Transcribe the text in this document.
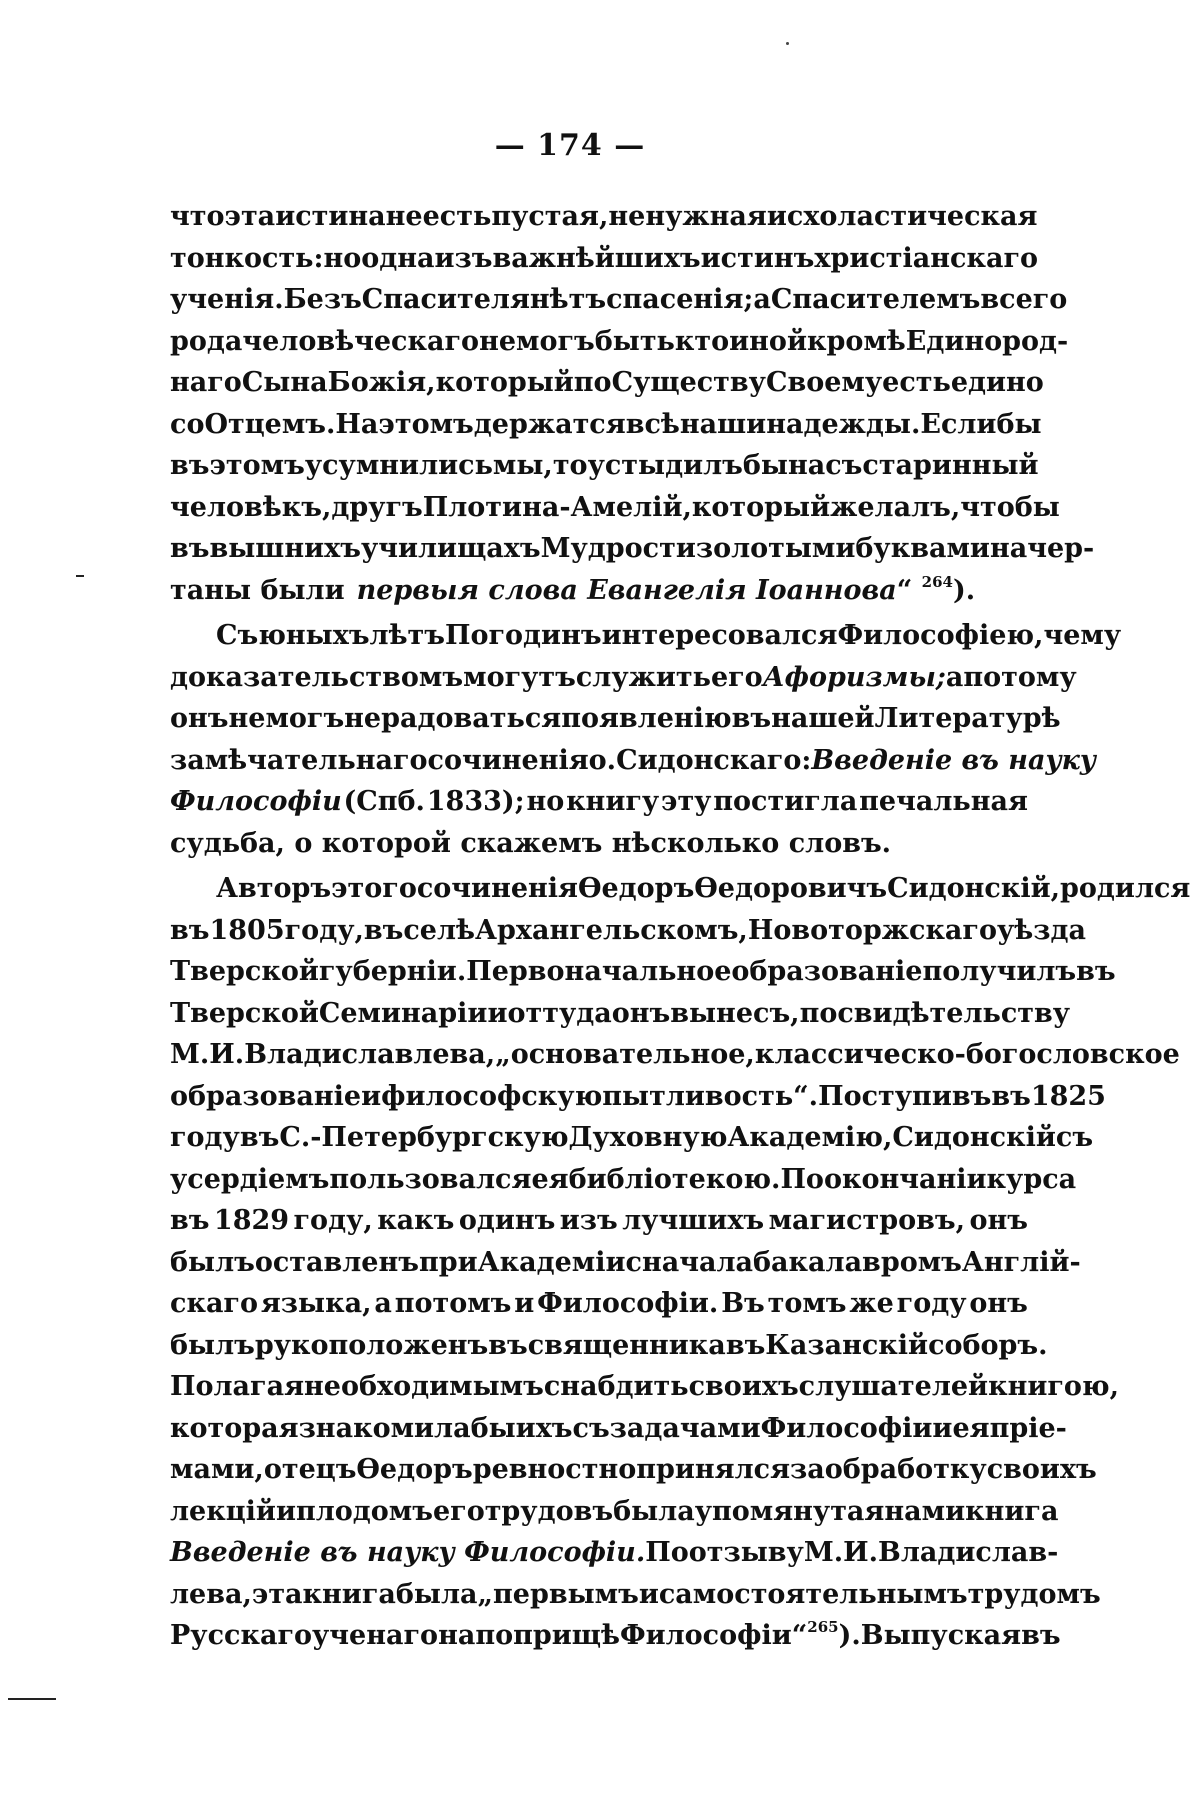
— 174 —
что эта истина не есть пустая, ненужная и схоластическая
тонкость: но одна изъ важнѣйшихъ истинъ христіанскаго
ученія. Безъ Спасителя нѣтъ спасенія; а Спасителемъ всего
рода человѣческаго не могъ быть кто иной кромѣ Единород-
наго Сына Божія, который по Существу Своему есть едино
со Отцемъ. На этомъ держатся всѣ наши надежды. Если бы
въ этомъ усумнились мы, то устыдилъ бы насъ старинный
человѣкъ, другъ Плотина - Амелій, который желалъ, чтобы
въ вышнихъ училищахъ Мудрости золотыми буквами начер-
таны были первыя слова Евангелія Іоаннова“ $^{264}$).
Съ юныхъ лѣтъ Погодинъ интересовался Философіею, чему
доказательствомъ могутъ служить его Афоризмы; а потому
онъ не могъ не радоваться появленію въ нашей Литературѣ
замѣчательнаго сочиненія о. Сидонскаго: Введеніе въ науку
Философіи (Спб. 1833); но книгу эту постигла печальная
судьба, о которой скажемъ нѣсколько словъ.
Авторъ этого сочиненія Ѳедоръ Ѳедоровичъ Сидонскій, родился
въ 1805 году, въ селѣ Архангельскомъ, Новоторжскаго уѣзда
Тверской губерніи. Первоначальное образованіе получилъ въ
Тверской Семинаріи и оттуда онъ вынесъ, по свидѣтельству
М. И. Владиславлева, „основательное, классическо-богословское
образованіе и философскую пытливость“. Поступивъ въ 1825
году въ С.-Петербургскую Духовную Академію, Сидонскій съ
усердіемъ пользовался ея библіотекою. По окончаніи курса
въ 1829 году, какъ одинъ изъ лучшихъ магистровъ, онъ
былъ оставленъ при Академіи сначала бакалавромъ Англій-
скаго языка, а потомъ и Философіи. Въ томъ же году онъ
былъ рукоположенъ въ священника въ Казанскій соборъ.
Полагая необходимымъ снабдить своихъ слушателей книгою,
которая знакомила бы ихъ съ задачами Философіи и ея прiе-
мами, отецъ Ѳедоръ ревностно принялся за обработку своихъ
лекцій и плодомъ его трудовъ была упомянутая нами книга
Введеніе въ науку Философіи. По отзыву М. И. Владислав-
лева, эта книга была „первымъ и самостоятельнымъ трудомъ
Русскаго ученаго на поприщѣ Философіи“ $^{265}$). Выпуская въ
